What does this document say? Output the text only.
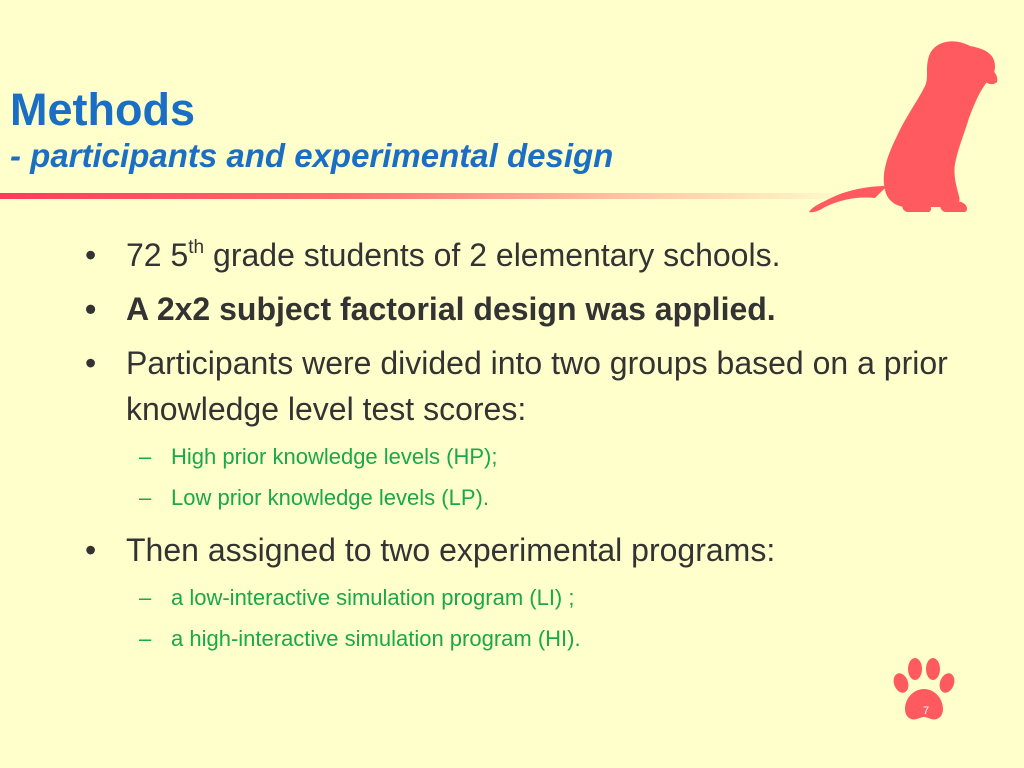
Methods
- participants and experimental design

• 72 5th grade students of 2 elementary schools.

• A 2x2 subject factorial design was applied.

• Participants were divided into two groups based on a prior knowledge level test scores:

– High prior knowledge levels (HP);

– Low prior knowledge levels (LP).

• Then assigned to two experimental programs:

– a low-interactive simulation program (LI) ;

– a high-interactive simulation program (HI).

7
